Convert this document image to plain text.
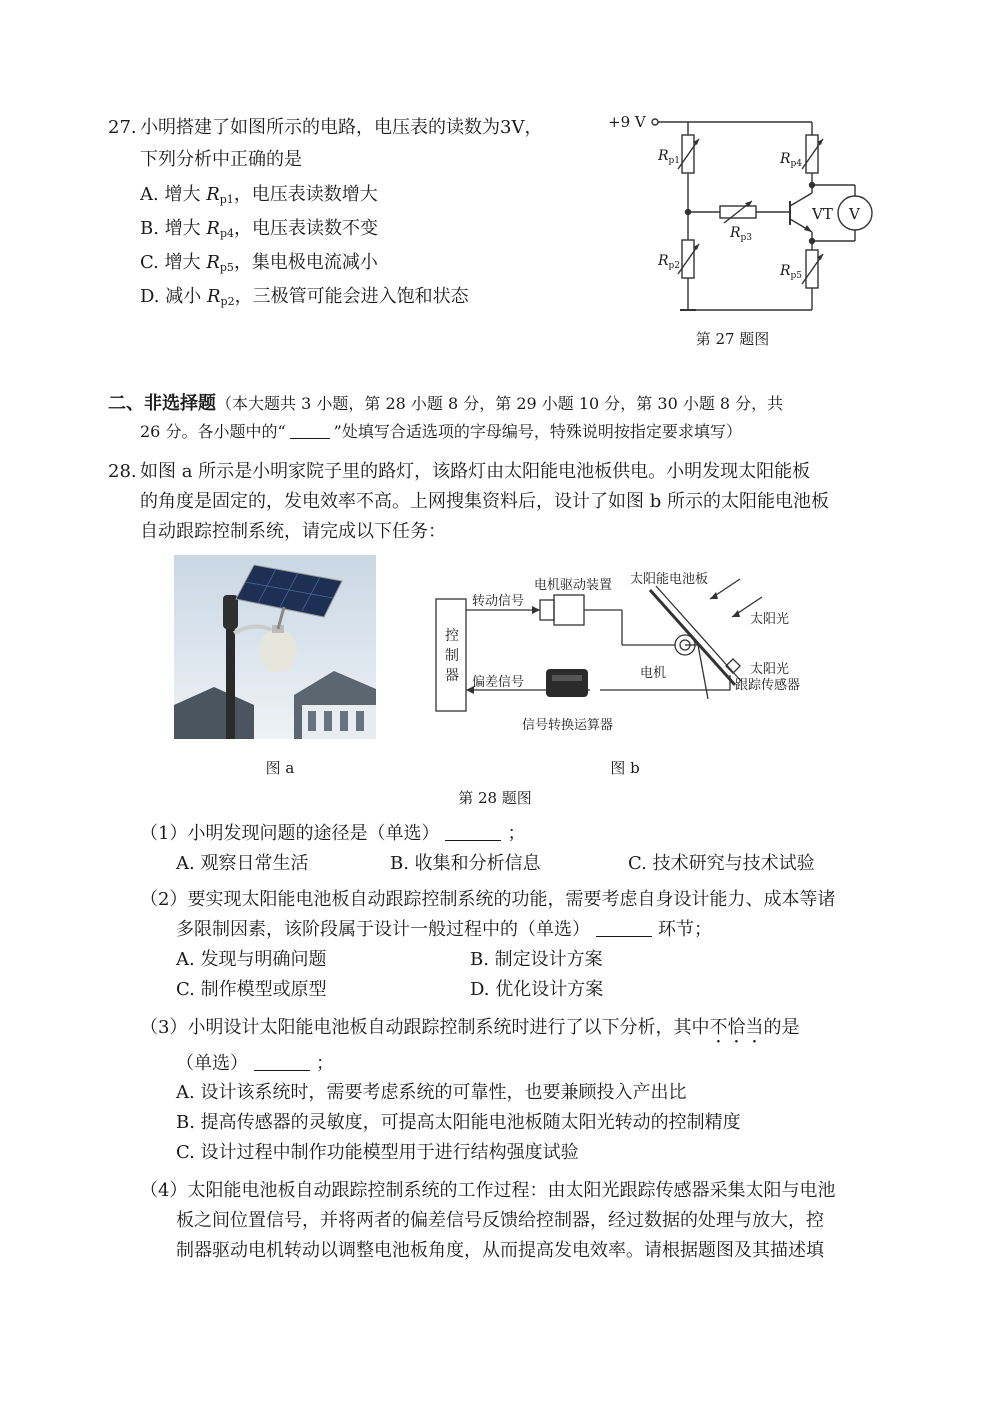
27. 小明搭建了如图所示的电路，电压表的读数为3V，
下列分析中正确的是
A. 增大 $R_{p1}$，电压表读数增大
B. 增大 $R_{p4}$，电压表读数不变
C. 增大 $R_{p5}$，集电极电流减小
D. 减小 $R_{p2}$，三极管可能会进入饱和状态
+9 V
$R_{p1}$
$R_{p2}$
$R_{p3}$
$R_{p4}$
$R_{p5}$
VT V
第 27 题图
二、非选择题（本大题共 3 小题，第 28 小题 8 分，第 29 小题 10 分，第 30 小题 8 分，共
26 分。各小题中的“	”处填写合适选项的字母编号，特殊说明按指定要求填写）
28. 如图 a 所示是小明家院子里的路灯，该路灯由太阳能电池板供电。小明发现太阳能板
的角度是固定的，发电效率不高。上网搜集资料后，设计了如图 b 所示的太阳能电池板
自动跟踪控制系统，请完成以下任务：
控
制
器
转动信号
电机驱动装置 太阳能电池板
太阳光
偏差信号
电机	太阳光
跟踪传感器
信号转换运算器
图 a	图 b
第 28 题图
（1）小明发现问题的途径是（单选）	；
A. 观察日常生活	B. 收集和分析信息	C. 技术研究与技术试验
（2）要实现太阳能电池板自动跟踪控制系统的功能，需要考虑自身设计能力、成本等诸
多限制因素，该阶段属于设计一般过程中的（单选）	环节；
A. 发现与明确问题	B. 制定设计方案
C. 制作模型或原型	D. 优化设计方案
（3）小明设计太阳能电池板自动跟踪控制系统时进行了以下分析，其中不恰当的是
（单选）	；
A. 设计该系统时，需要考虑系统的可靠性，也要兼顾投入产出比
B. 提高传感器的灵敏度，可提高太阳能电池板随太阳光转动的控制精度
C. 设计过程中制作功能模型用于进行结构强度试验
（4）太阳能电池板自动跟踪控制系统的工作过程：由太阳光跟踪传感器采集太阳与电池
板之间位置信号，并将两者的偏差信号反馈给控制器，经过数据的处理与放大，控
制器驱动电机转动以调整电池板角度，从而提高发电效率。请根据题图及其描述填
